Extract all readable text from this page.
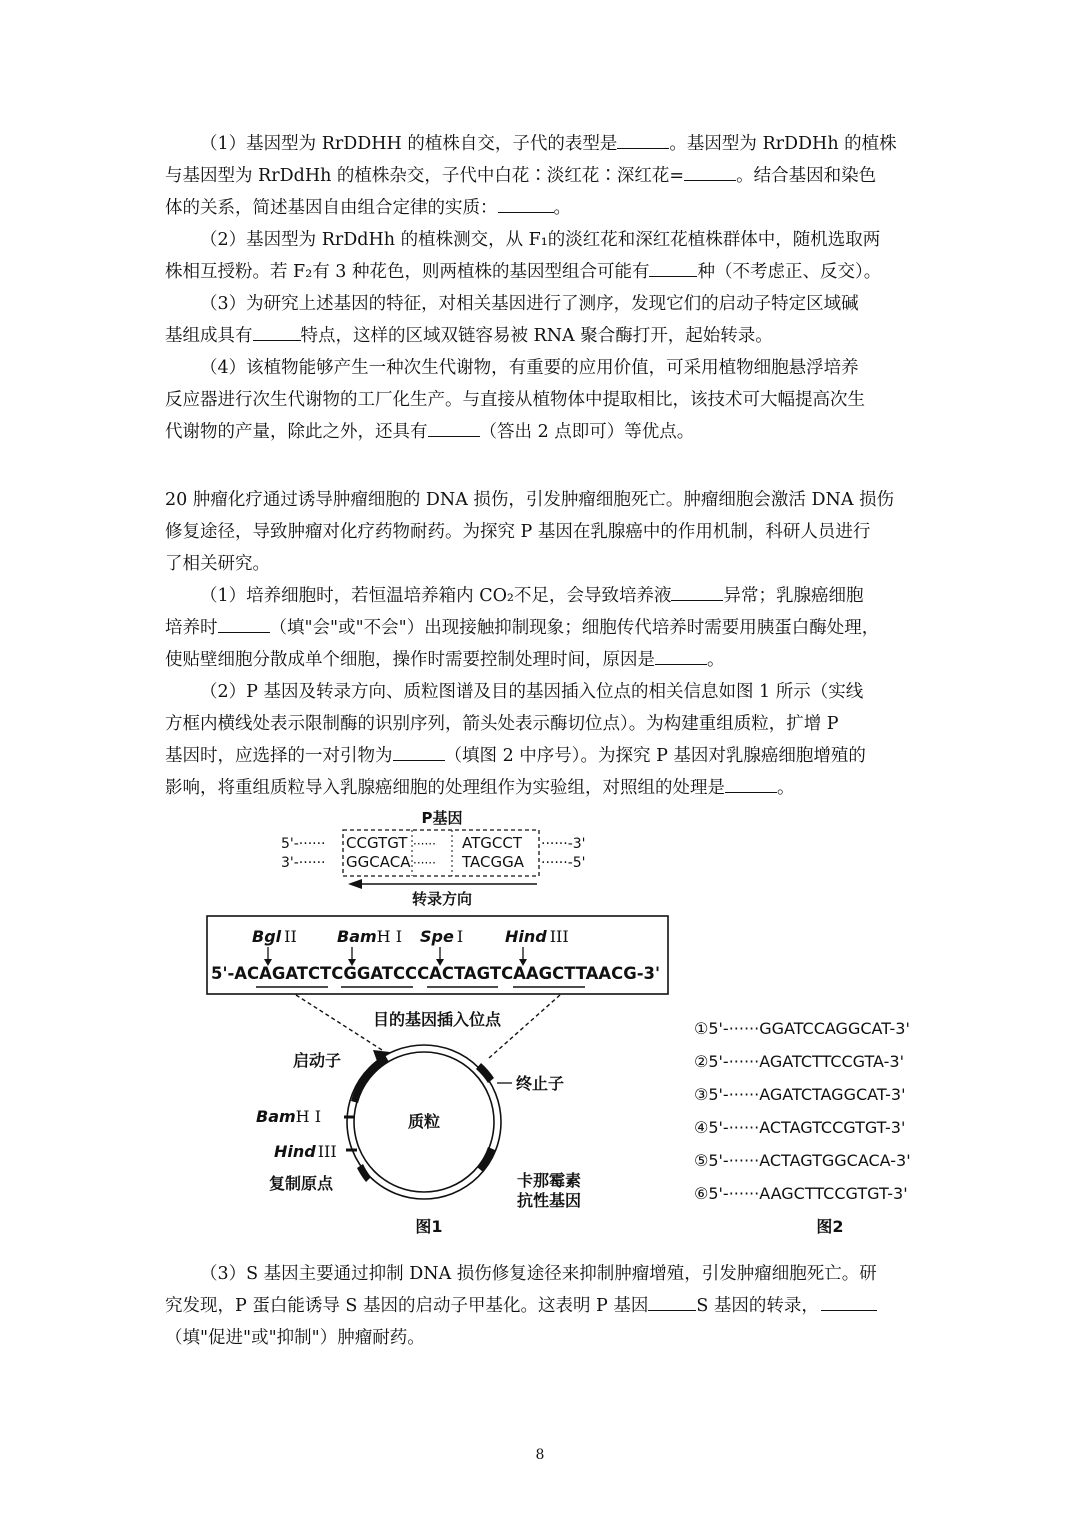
（1）基因型为 RrDDHH 的植株自交，子代的表型是	。基因型为 RrDDHh 的植株
与基因型为 RrDdHh 的植株杂交，子代中白花∶淡红花∶深红花=	。结合基因和染色
体的关系，简述基因自由组合定律的实质：	。

（2）基因型为 RrDdHh 的植株测交，从 F₁的淡红花和深红花植株群体中，随机选取两
株相互授粉。若 F₂有 3 种花色，则两植株的基因型组合可能有	种（不考虑正、反交）。

（3）为研究上述基因的特征，对相关基因进行了测序，发现它们的启动子特定区域碱
基组成具有	特点，这样的区域双链容易被 RNA 聚合酶打开，起始转录。

（4）该植物能够产生一种次生代谢物，有重要的应用价值，可采用植物细胞悬浮培养
反应器进行次生代谢物的工厂化生产。与直接从植物体中提取相比，该技术可大幅提高次生
代谢物的产量，除此之外，还具有	（答出 2 点即可）等优点。

20 肿瘤化疗通过诱导肿瘤细胞的 DNA 损伤，引发肿瘤细胞死亡。肿瘤细胞会激活 DNA 损伤
修复途径，导致肿瘤对化疗药物耐药。为探究 P 基因在乳腺癌中的作用机制，科研人员进行
了相关研究。

（1）培养细胞时，若恒温培养箱内 CO₂不足，会导致培养液	异常；乳腺癌细胞
培养时	（填"会"或"不会"）出现接触抑制现象；细胞传代培养时需要用胰蛋白酶处理，
使贴壁细胞分散成单个细胞，操作时需要控制处理时间，原因是	。

（2）P 基因及转录方向、质粒图谱及目的基因插入位点的相关信息如图 1 所示（实线
方框内横线处表示限制酶的识别序列，箭头处表示酶切位点）。为构建重组质粒，扩增 P
基因时，应选择的一对引物为	（填图 2 中序号）。为探究 P 基因对乳腺癌细胞增殖的
影响，将重组质粒导入乳腺癌细胞的处理组作为实验组，对照组的处理是	。

P基因
5'-······ CCGTGT ······ ATGCCT ······-3'
3'-······ GGCACA ······ TACGGA ······-5'
转录方向
Bgl II	BamH I Spe I	Hind III
5'-ACAGATCTCGGATCCCACTAGTCAAGCTTAACG-3'
目的基因插入位点
质粒
启动子
终止子
BamH I
Hind III
复制原点	卡那霉素
抗性基因
图1
①5'-······GGATCCAGGCAT-3'
②5'-······AGATCTTCCGTA-3'
③5'-······AGATCTAGGCAT-3'
④5'-······ACTAGTCCGTGT-3'
⑤5'-······ACTAGTGGCACA-3'
⑥5'-······AAGCTTCCGTGT-3'
图2

（3）S 基因主要通过抑制 DNA 损伤修复途径来抑制肿瘤增殖，引发肿瘤细胞死亡。研
究发现，P 蛋白能诱导 S 基因的启动子甲基化。这表明 P 基因	S 基因的转录，
（填"促进"或"抑制"）肿瘤耐药。

8
